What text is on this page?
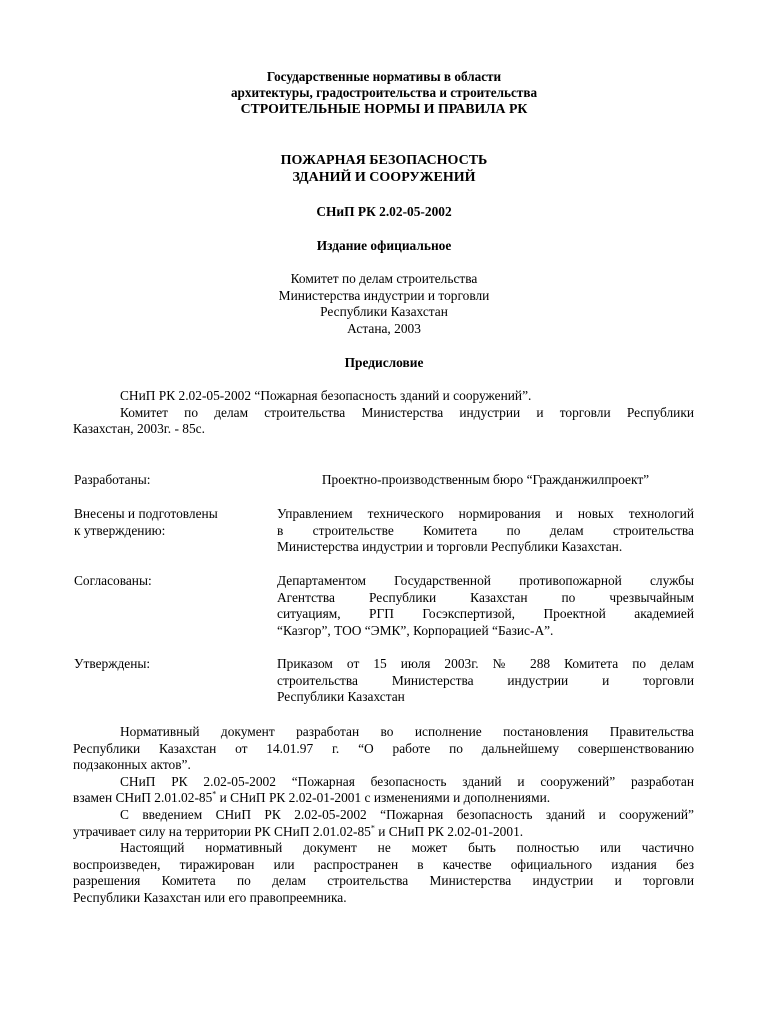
Государственные нормативы в области
архитектуры, градостроительства и строительства
СТРОИТЕЛЬНЫЕ НОРМЫ И ПРАВИЛА РК
ПОЖАРНАЯ БЕЗОПАСНОСТЬ
ЗДАНИЙ И СООРУЖЕНИЙ
СНиП РК 2.02-05-2002
Издание официальное
Комитет по делам строительства
Министерства индустрии и торговли
Республики Казахстан
Астана, 2003
Предисловие
СНиП РК 2.02-05-2002 “Пожарная безопасность зданий и сооружений”.
Комитет по делам строительства Министерства индустрии и торговли Республики
Казахстан, 2003г. - 85с.
Разработаны:	Проектно-производственным бюро “Гражданжилпроект”
Внесены и подготовлены
к утверждению:
Управлением технического нормирования и новых технологий
в строительстве Комитета по делам строительства
Министерства индустрии и торговли Республики Казахстан.
Согласованы:	Департаментом Государственной противопожарной службы
Агентства Республики Казахстан по чрезвычайным
ситуациям, РГП Госэкспертизой, Проектной академией
“Казгор”, ТОО “ЭМК”, Корпорацией “Базис-А”.
Утверждены:	Приказом от 15 июля 2003г. № 288 Комитета по делам
строительства Министерства индустрии и торговли
Республики Казахстан
Нормативный документ разработан во исполнение постановления Правительства
Республики Казахстан от 14.01.97 г. “О работе по дальнейшему совершенствованию
подзаконных актов”.
СНиП РК 2.02-05-2002 “Пожарная безопасность зданий и сооружений” разработан
взамен СНиП 2.01.02-85* и СНиП РК 2.02-01-2001 с изменениями и дополнениями.
С введением СНиП РК 2.02-05-2002 “Пожарная безопасность зданий и сооружений”
утрачивает силу на территории РК СНиП 2.01.02-85* и СНиП РК 2.02-01-2001.
Настоящий нормативный документ не может быть полностью или частично
воспроизведен, тиражирован или распространен в качестве официального издания без
разрешения Комитета по делам строительства Министерства индустрии и торговли
Республики Казахстан или его правопреемника.
